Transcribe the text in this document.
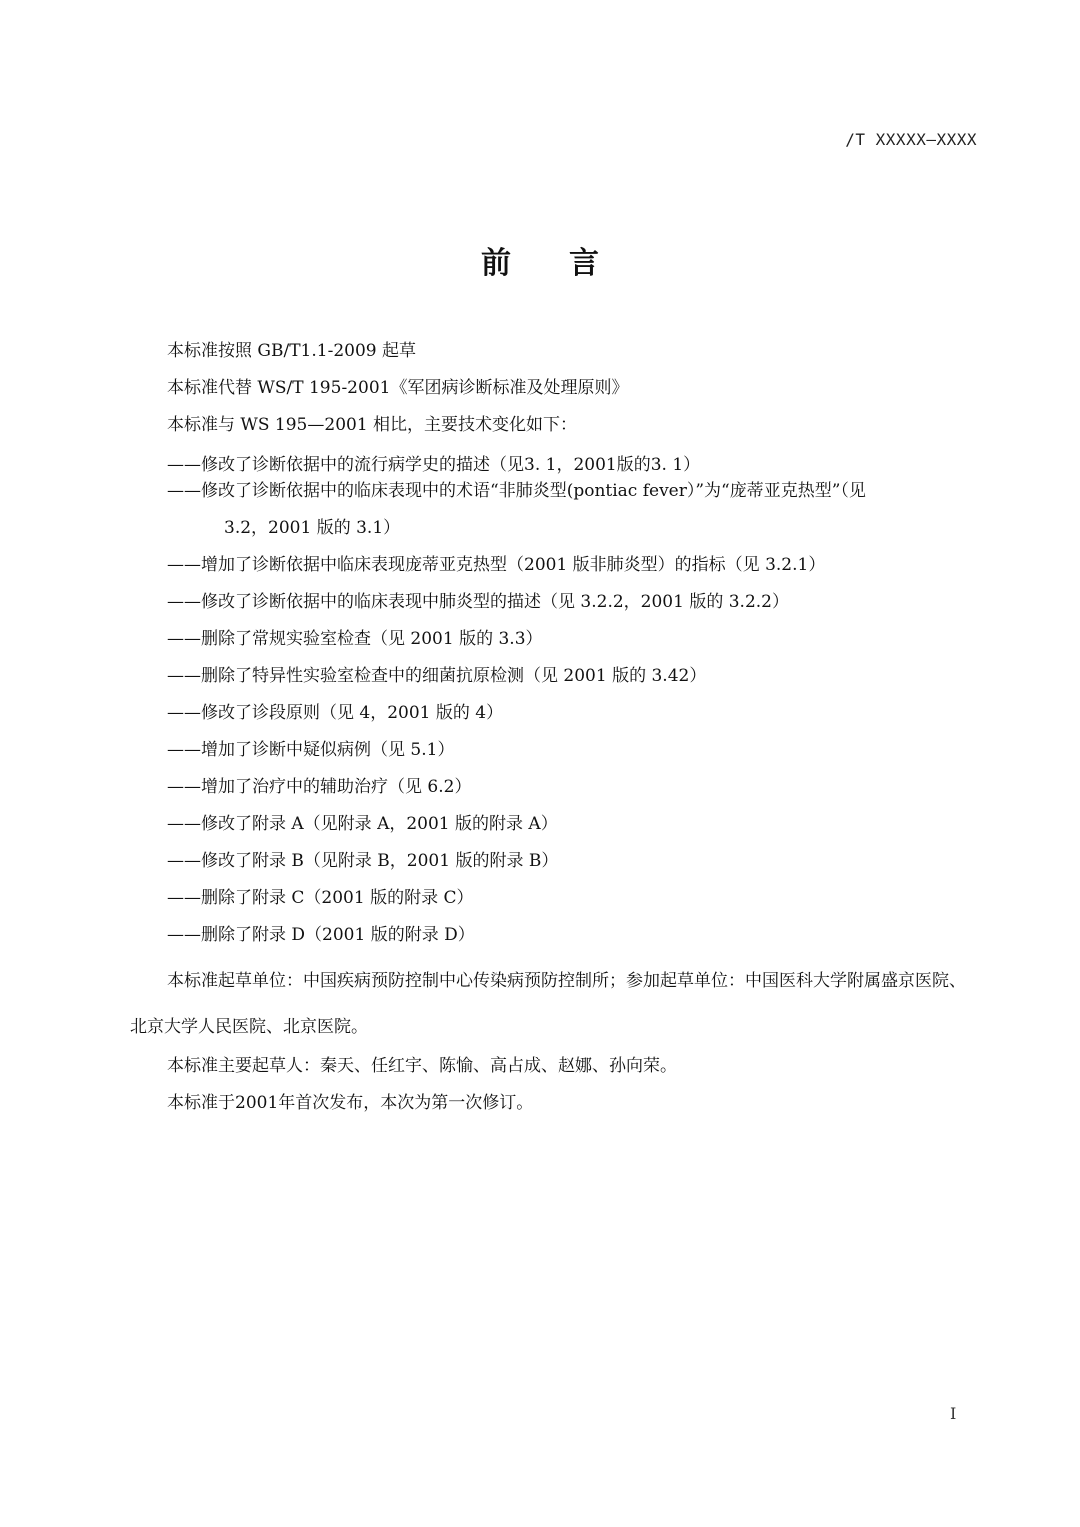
/T XXXXX—XXXX
前言
本标准按照 GB/T1.1-2009 起草
本标准代替 WS/T 195-2001《军团病诊断标准及处理原则》
本标准与 WS 195—2001 相比，主要技术变化如下：
——修改了诊断依据中的流行病学史的描述（见3. 1，2001版的3. 1）
——修改了诊断依据中的临床表现中的术语“非肺炎型(pontiac fever）”为“庞蒂亚克热型”（见
3.2，2001 版的 3.1）
——增加了诊断依据中临床表现庞蒂亚克热型（2001 版非肺炎型）的指标（见 3.2.1）
——修改了诊断依据中的临床表现中肺炎型的描述（见 3.2.2，2001 版的 3.2.2）
——删除了常规实验室检查（见 2001 版的 3.3）
——删除了特异性实验室检查中的细菌抗原检测（见 2001 版的 3.42）
——修改了诊段原则（见 4，2001 版的 4）
——增加了诊断中疑似病例（见 5.1）
——增加了治疗中的辅助治疗（见 6.2）
——修改了附录 A（见附录 A，2001 版的附录 A）
——修改了附录 B（见附录 B，2001 版的附录 B）
——删除了附录 C（2001 版的附录 C）
——删除了附录 D（2001 版的附录 D）
本标准起草单位：中国疾病预防控制中心传染病预防控制所；参加起草单位：中国医科大学附属盛京医院、北京大学人民医院、北京医院。
本标准主要起草人：秦天、任红宇、陈愉、高占成、赵娜、孙向荣。
本标准于2001年首次发布，本次为第一次修订。
I
